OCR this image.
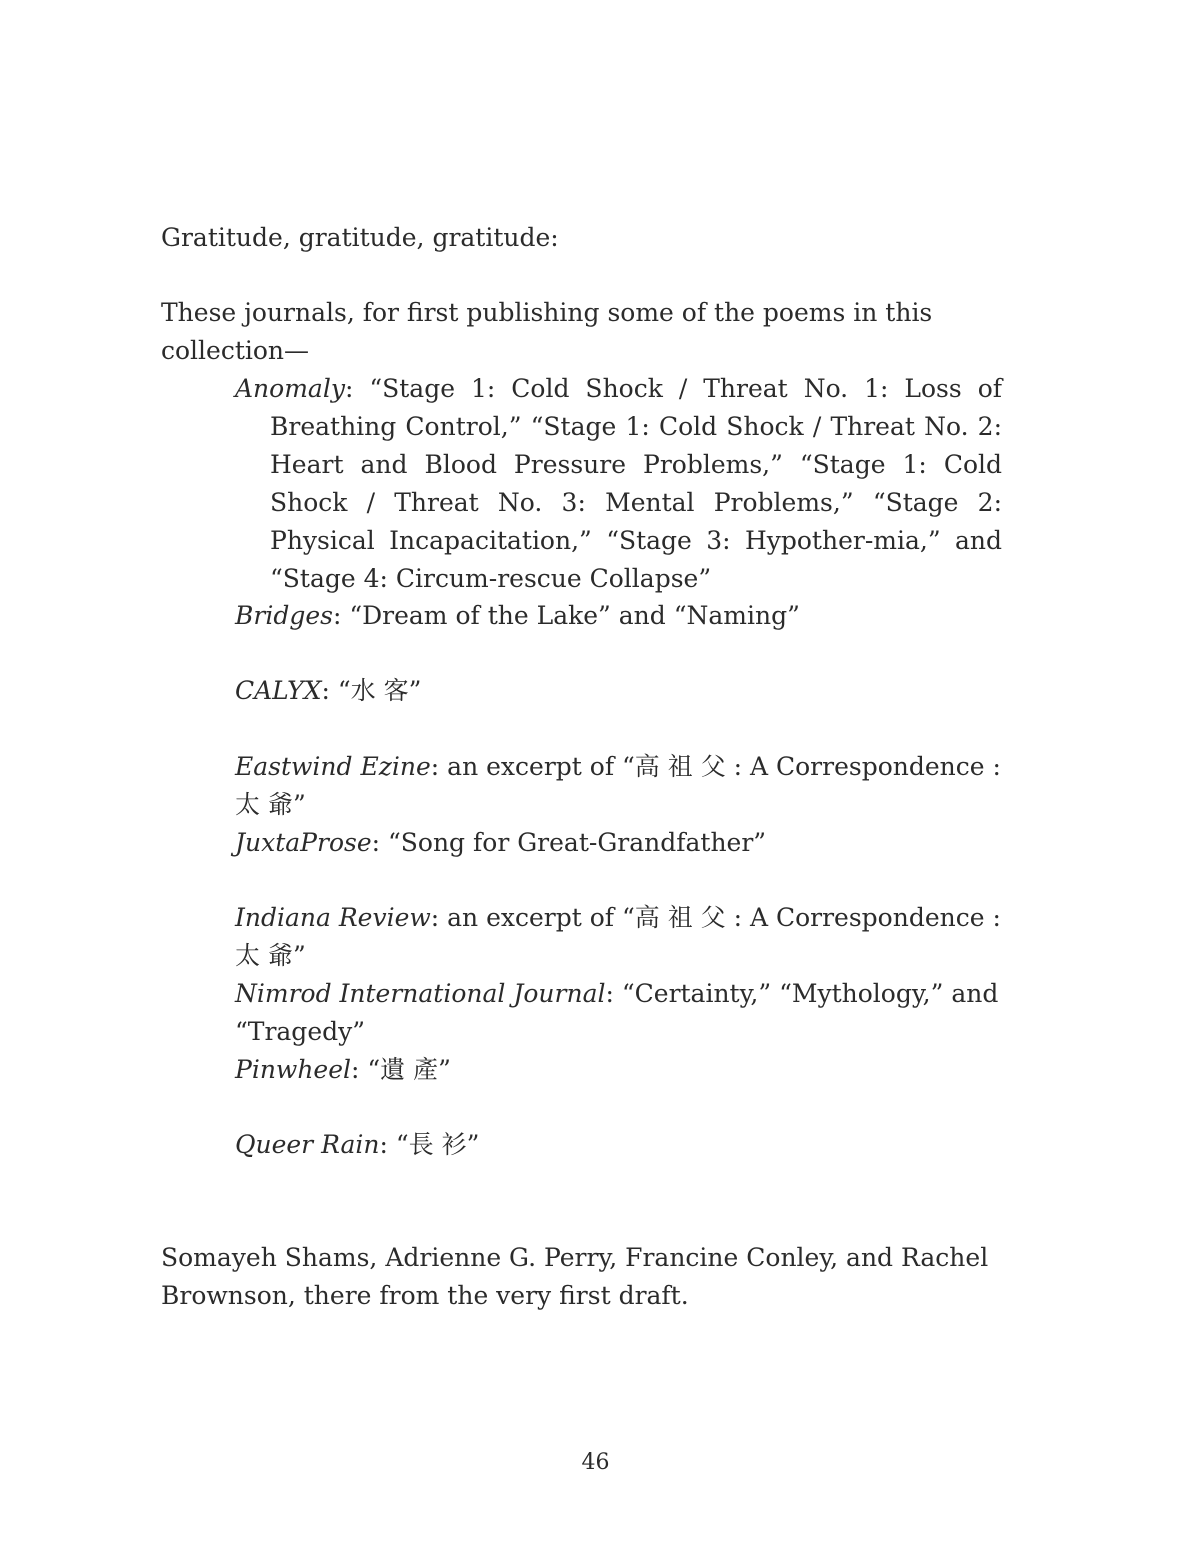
Gratitude, gratitude, gratitude:

These journals, for first publishing some of the poems in this collection—

Anomaly: “Stage 1: Cold Shock / Threat No. 1: Loss of Breathing Control,” “Stage 1: Cold Shock / Threat No. 2: Heart and Blood Pressure Problems,” “Stage 1: Cold Shock / Threat No. 3: Mental Problems,” “Stage 2: Physical Incapacitation,” “Stage 3: Hypother-mia,” and “Stage 4: Circum-rescue Collapse”

Bridges: “Dream of the Lake” and “Naming”

CALYX: “水 客”

Eastwind Ezine: an excerpt of “高 祖 父 : A Correspondence : 太 爺”

JuxtaProse: “Song for Great-Grandfather”

Indiana Review: an excerpt of “高 祖 父 : A Correspondence : 太 爺”

Nimrod International Journal: “Certainty,” “Mythology,” and “Tragedy”

Pinwheel: “遺 產”

Queer Rain: “長 衫”

Somayeh Shams, Adrienne G. Perry, Francine Conley, and Rachel Brownson, there from the very first draft.

46
